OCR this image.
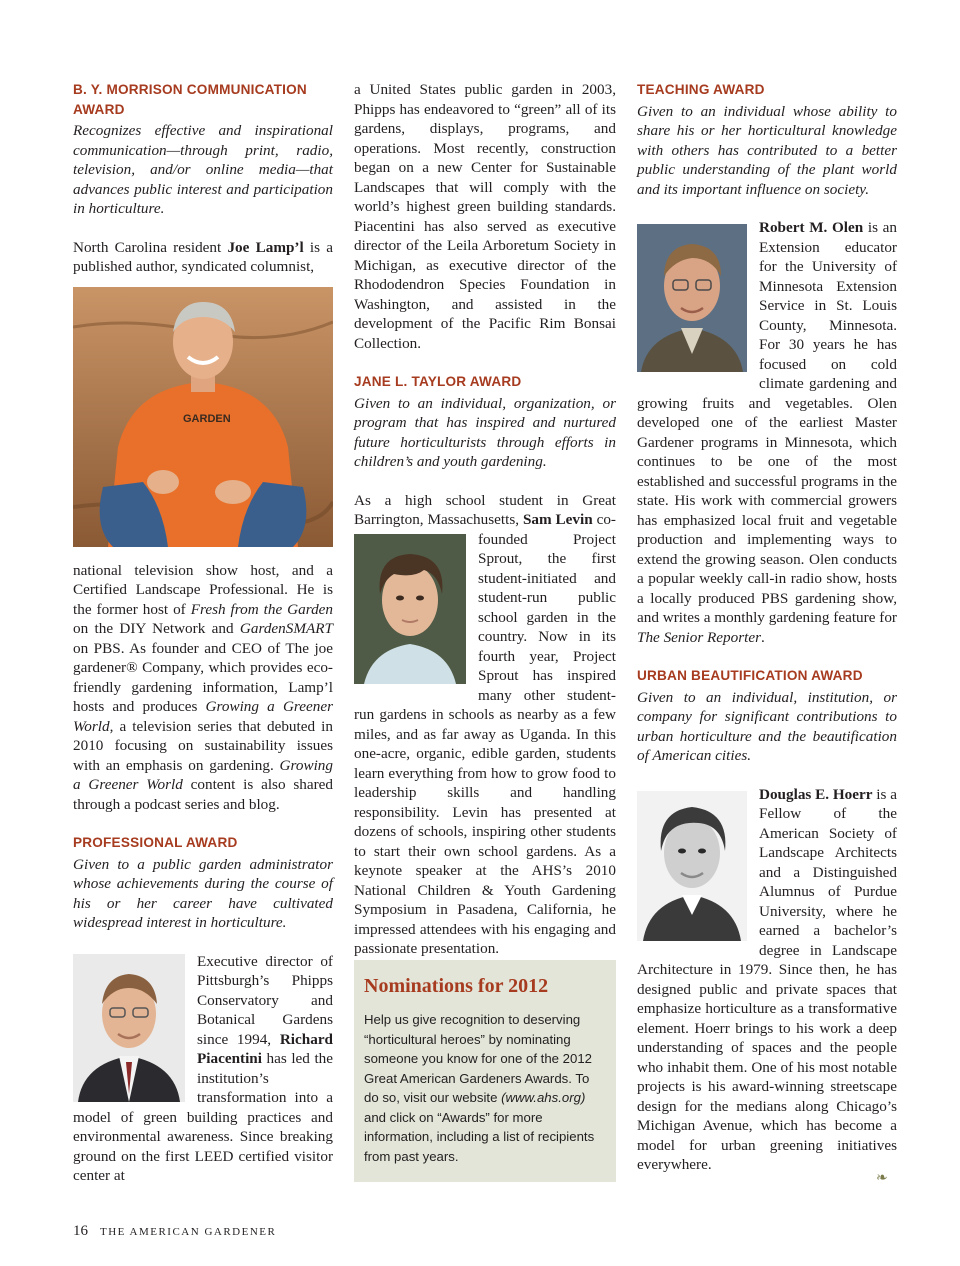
B. Y. MORRISON COMMUNICATION AWARD

Recognizes effective and inspirational communication—through print, radio, television, and/or online media—that advances public interest and participation in horticulture.

North Carolina resident Joe Lamp’l is a published author, syndicated columnist,

GARDEN

national television show host, and a Certified Landscape Professional. He is the former host of Fresh from the Garden on the DIY Network and GardenSMART on PBS. As founder and CEO of The joe gardener® Company, which provides eco-friendly gardening information, Lamp’l hosts and produces Growing a Greener World, a television series that debuted in 2010 focusing on sustainability issues with an emphasis on gardening. Growing a Greener World content is also shared through a podcast series and blog.

PROFESSIONAL AWARD

Given to a public garden administrator whose achievements during the course of his or her career have cultivated widespread interest in horticulture.

Executive director of Pittsburgh’s Phipps Conservatory and Botanical Gardens since 1994, Richard Piacentini has led the institution’s transformation into a model of green building practices and environmental awareness. Since breaking ground on the first LEED certified visitor center at

a United States public garden in 2003, Phipps has endeavored to “green” all of its gardens, displays, programs, and operations. Most recently, construction began on a new Center for Sustainable Landscapes that will comply with the world’s highest green building standards. Piacentini has also served as executive director of the Leila Arboretum Society in Michigan, as executive director of the Rhododendron Species Foundation in Washington, and assisted in the development of the Pacific Rim Bonsai Collection.

JANE L. TAYLOR AWARD

Given to an individual, organization, or program that has inspired and nurtured future horticulturists through efforts in children’s and youth gardening.

As a high school student in Great Barrington, Massachusetts, Sam Levin
co-founded Project Sprout, the first student-initiated and student-run public school garden in the country. Now in its fourth year, Project Sprout has inspired many other student-run gardens in schools as nearby as a few miles, and as far away as Uganda. In this one-acre, organic, edible garden, students learn everything from how to grow food to leadership skills and handling responsibility. Levin has presented at dozens of schools, inspiring other students to start their own school gardens. As a keynote speaker at the AHS’s 2010 National Children & Youth Gardening Symposium in Pasadena, California, he impressed attendees with his engaging and passionate presentation.

Nominations for 2012

Help us give recognition to deserving “horticultural heroes” by nominating someone you know for one of the 2012 Great American Gardeners Awards. To do so, visit our website (www.ahs.org) and click on “Awards” for more information, including a list of recipients from past years.

TEACHING AWARD

Given to an individual whose ability to share his or her horticultural knowledge with others has contributed to a better public understanding of the plant world and its important influence on society.

Robert M. Olen
is an Extension educator for the University of Minnesota Extension Service in St. Louis County, Minnesota. For 30 years he has focused on cold climate gardening and growing fruits and vegetables. Olen developed one of the earliest Master Gardener programs in Minnesota, which continues to be one of the most established and successful programs in the state. His work with commercial growers has emphasized local fruit and vegetable production and implementing ways to extend the growing season. Olen conducts a popular weekly call-in radio show, hosts a locally produced PBS gardening show, and writes a monthly gardening feature for The Senior Reporter.

URBAN BEAUTIFICATION AWARD

Given to an individual, institution, or company for significant contributions to urban horticulture and the beautification of American cities.

Douglas E. Hoerr
is a Fellow of the American Society of Landscape Architects and a Distinguished Alumnus of Purdue University, where he earned a bachelor’s degree in Landscape Architecture in 1979. Since then, he has designed public and private spaces that emphasize horticulture as a transformative element. Hoerr brings to his work a deep understanding of spaces and the people who inhabit them. One of his most notable projects is his award-winning streetscape design for the medians along Chicago’s Michigan Avenue, which has become a model for urban greening initiatives everywhere.

❧
16 THE AMERICAN GARDENER
